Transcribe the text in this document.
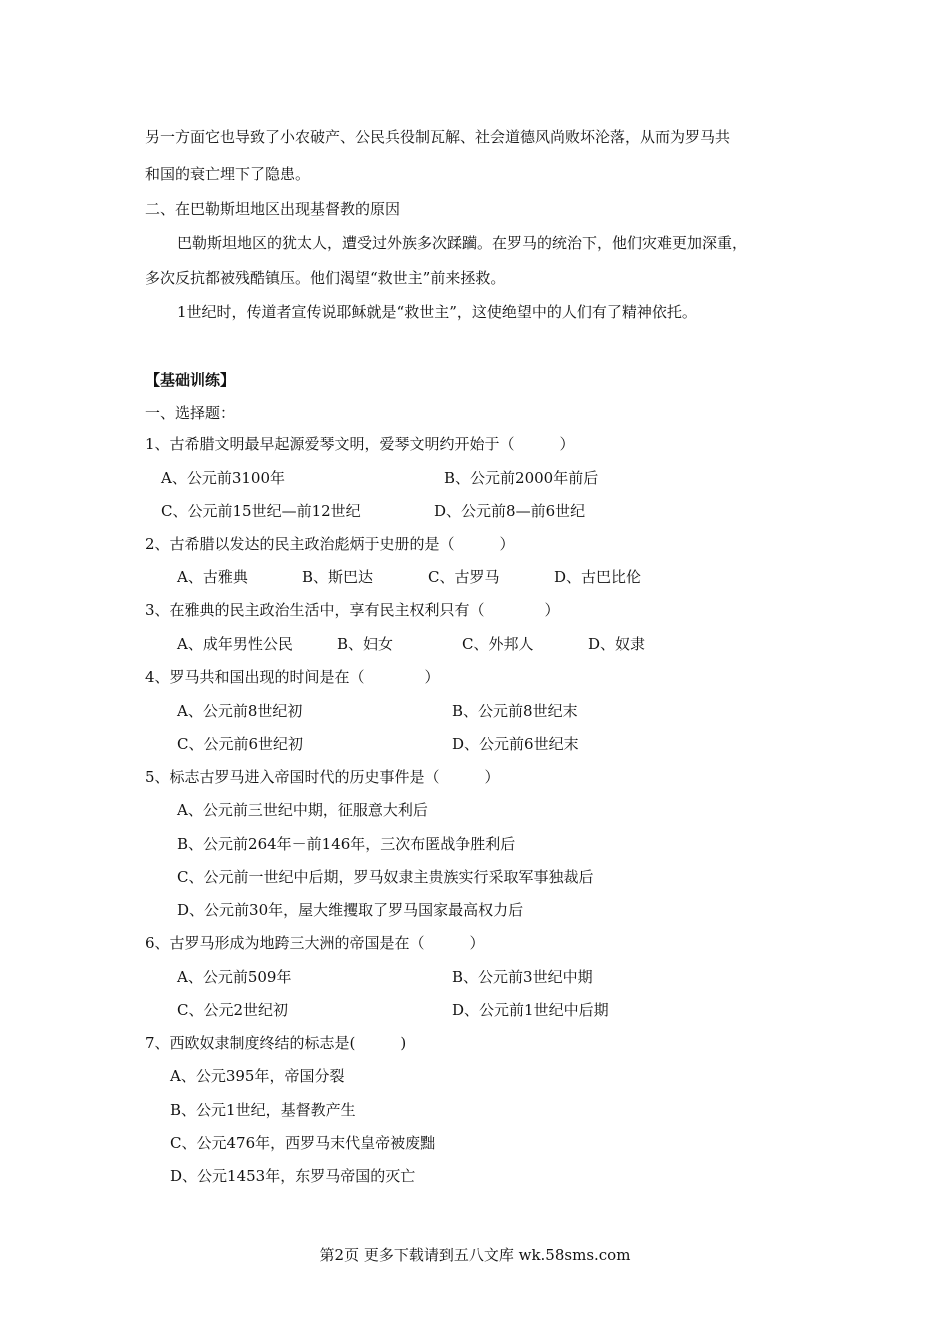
另一方面它也导致了小农破产、公民兵役制瓦解、社会道德风尚败坏沦落，从而为罗马共
和国的衰亡埋下了隐患。
二、在巴勒斯坦地区出现基督教的原因
巴勒斯坦地区的犹太人，遭受过外族多次蹂躏。在罗马的统治下，他们灾难更加深重，
多次反抗都被残酷镇压。他们渴望“救世主”前来拯救。
1世纪时，传道者宣传说耶稣就是“救世主”，这使绝望中的人们有了精神依托。
【基础训练】
一、选择题：
1、古希腊文明最早起源爱琴文明，爱琴文明约开始于（　　　）
A、公元前3100年	B、公元前2000年前后
C、公元前15世纪—前12世纪	D、公元前8—前6世纪
2、古希腊以发达的民主政治彪炳于史册的是（　　　）
A、古雅典	B、斯巴达	C、古罗马	D、古巴比伦
3、在雅典的民主政治生活中，享有民主权利只有（　　　　）
A、成年男性公民	B、妇女	C、外邦人	D、奴隶
4、罗马共和国出现的时间是在（　　　　）
A、公元前8世纪初	B、公元前8世纪末
C、公元前6世纪初	D、公元前6世纪末
5、标志古罗马进入帝国时代的历史事件是（　　　）
A、公元前三世纪中期，征服意大利后
B、公元前264年－前146年，三次布匿战争胜利后
C、公元前一世纪中后期，罗马奴隶主贵族实行采取军事独裁后
D、公元前30年，屋大维攫取了罗马国家最高权力后
6、古罗马形成为地跨三大洲的帝国是在（　　　）
A、公元前509年	B、公元前3世纪中期
C、公元2世纪初	D、公元前1世纪中后期
7、西欧奴隶制度终结的标志是(　　　)
A、公元395年，帝国分裂
B、公元1世纪，基督教产生
C、公元476年，西罗马末代皇帝被废黜
D、公元1453年，东罗马帝国的灭亡
第2页 更多下载请到五八文库 wk.58sms.com
